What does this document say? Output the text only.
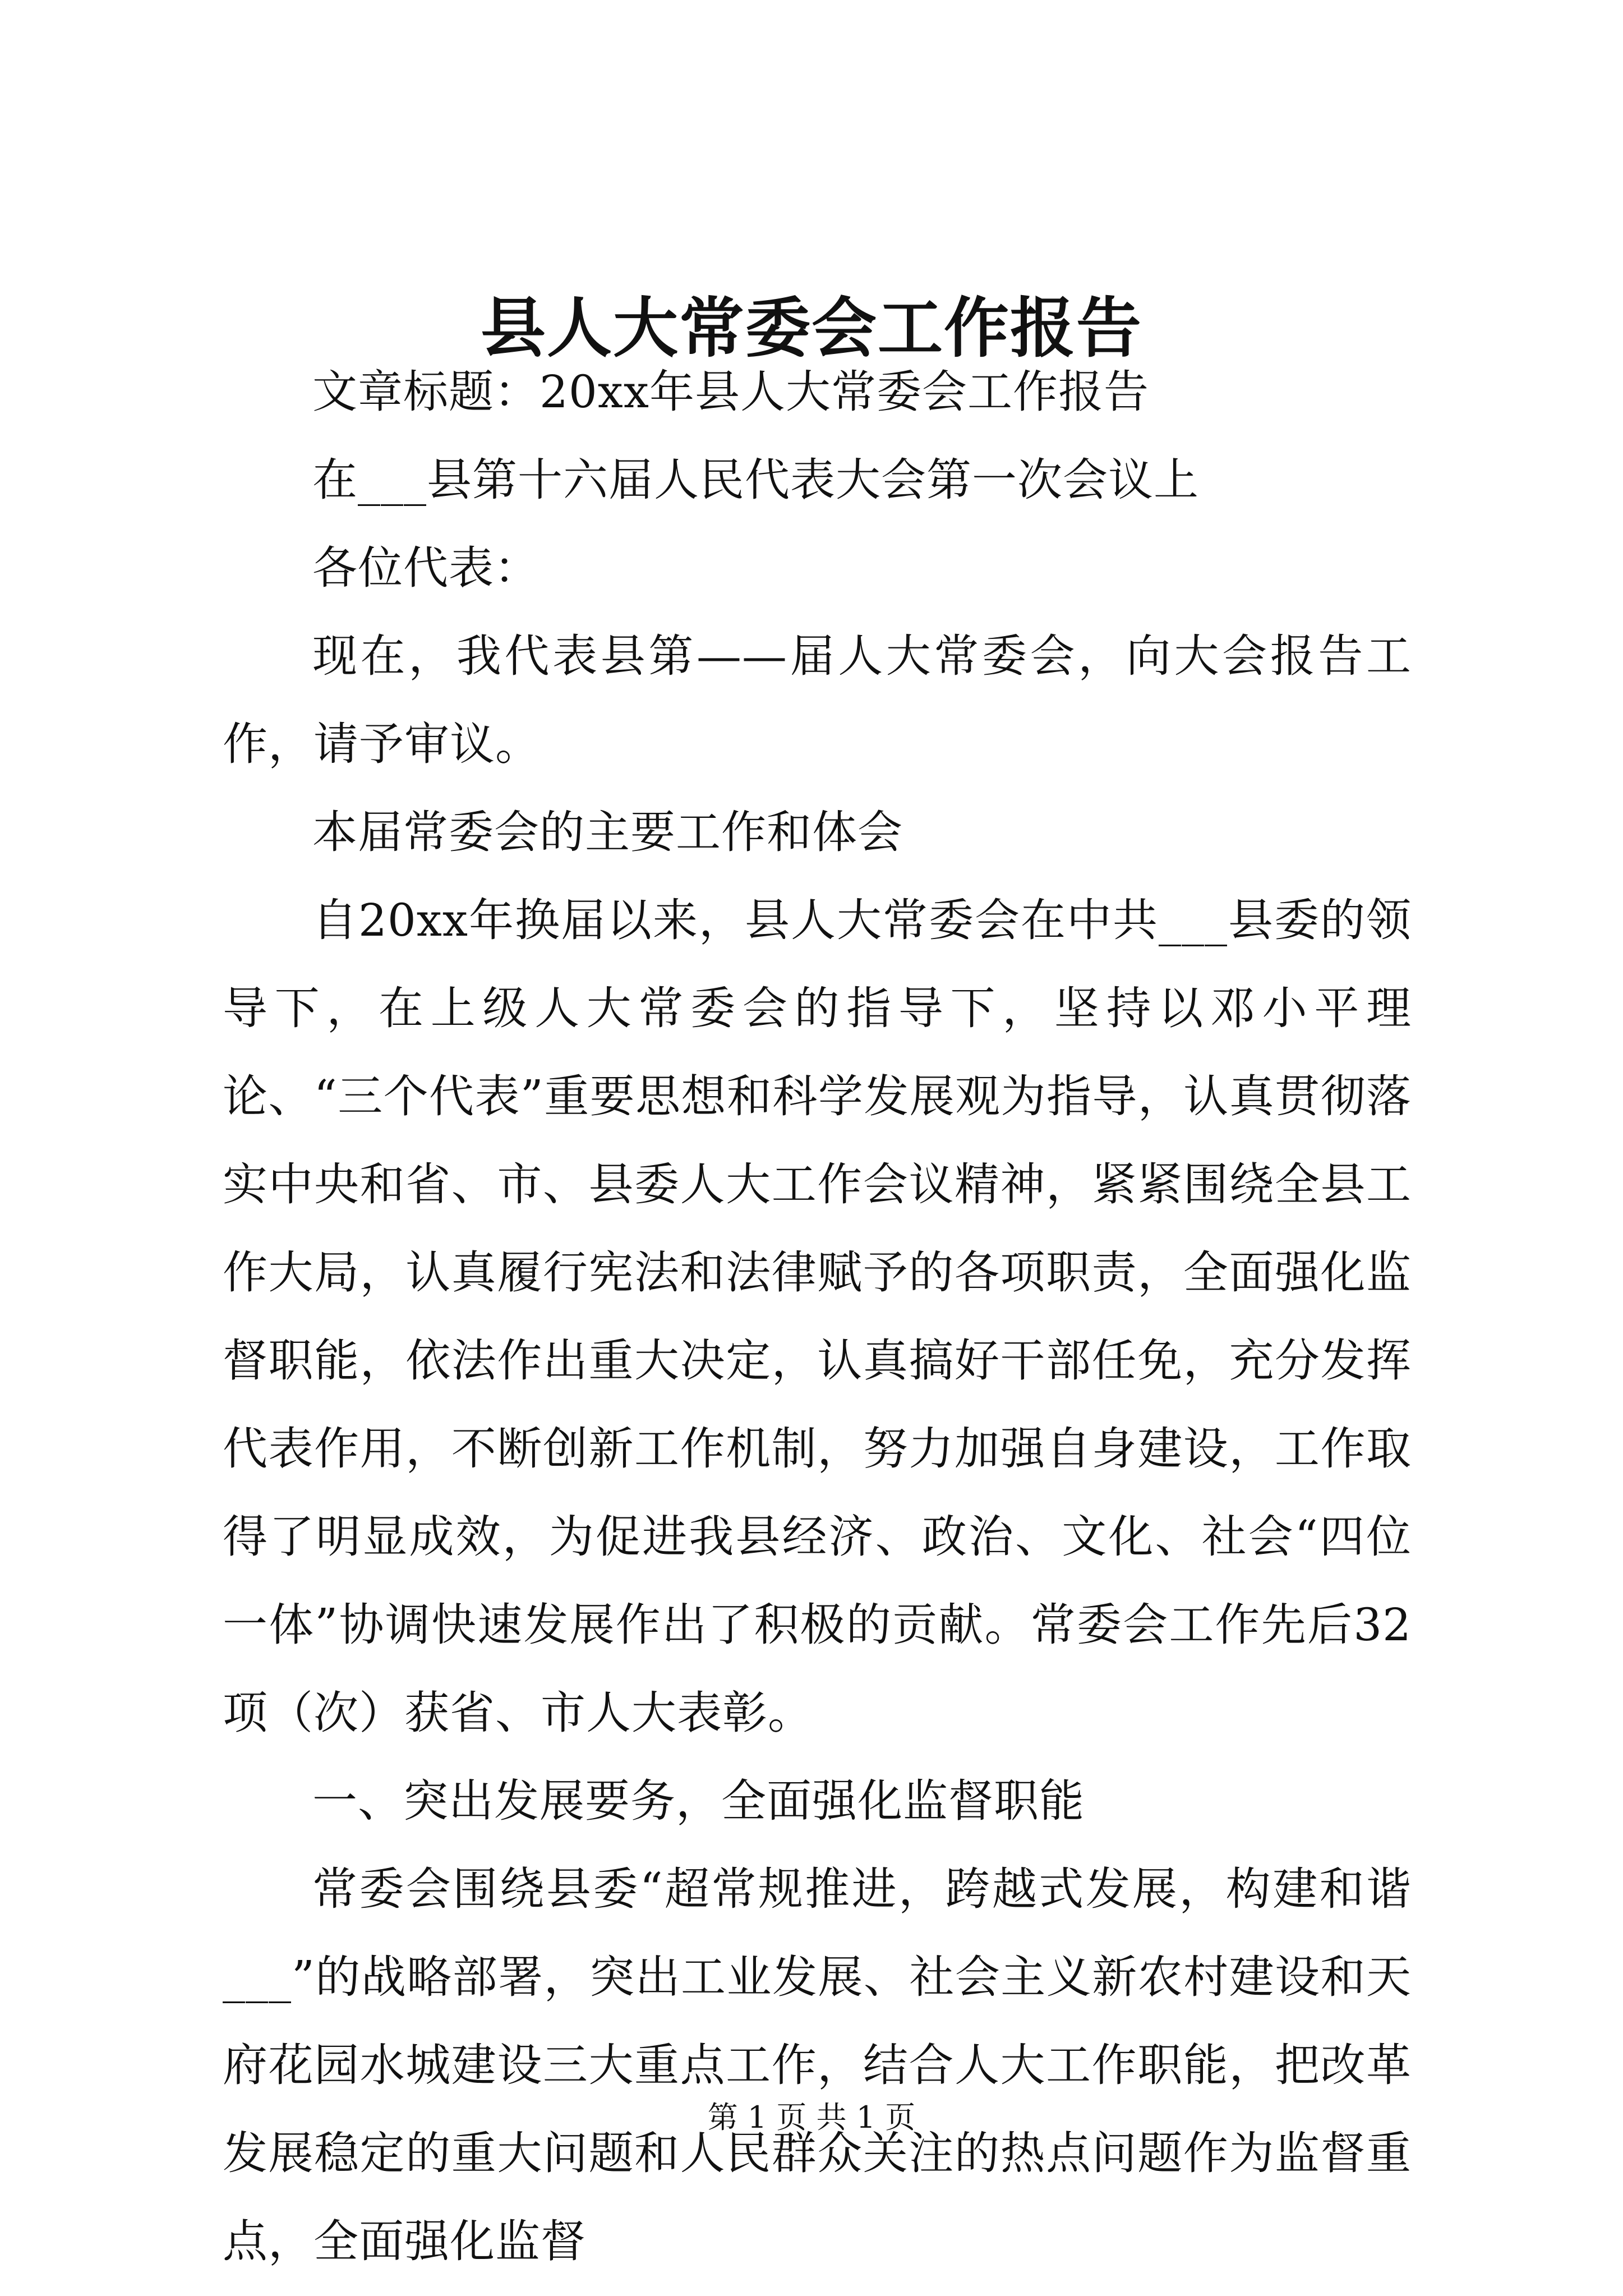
县人大常委会工作报告

文章标题：20xx年县人大常委会工作报告

在___县第十六届人民代表大会第一次会议上

各位代表：

现在，我代表县第——届人大常委会，向大会报告工作，请予审议。

本届常委会的主要工作和体会

自20xx年换届以来，县人大常委会在中共___县委的领导下，在上级人大常委会的指导下，坚持以邓小平理论、“三个代表”重要思想和科学发展观为指导，认真贯彻落实中央和省、市、县委人大工作会议精神，紧紧围绕全县工作大局，认真履行宪法和法律赋予的各项职责，全面强化监督职能，依法作出重大决定，认真搞好干部任免，充分发挥代表作用，不断创新工作机制，努力加强自身建设，工作取得了明显成效，为促进我县经济、政治、文化、社会“四位一体”协调快速发展作出了积极的贡献。常委会工作先后32项（次）获省、市人大表彰。

一、突出发展要务，全面强化监督职能

常委会围绕县委“超常规推进，跨越式发展，构建和谐___”的战略部署，突出工业发展、社会主义新农村建设和天府花园水城建设三大重点工作，结合人大工作职能，把改革发展稳定的重大问题和人民群众关注的热点问题作为监督重点，全面强化监督

第 1 页 共 1 页
